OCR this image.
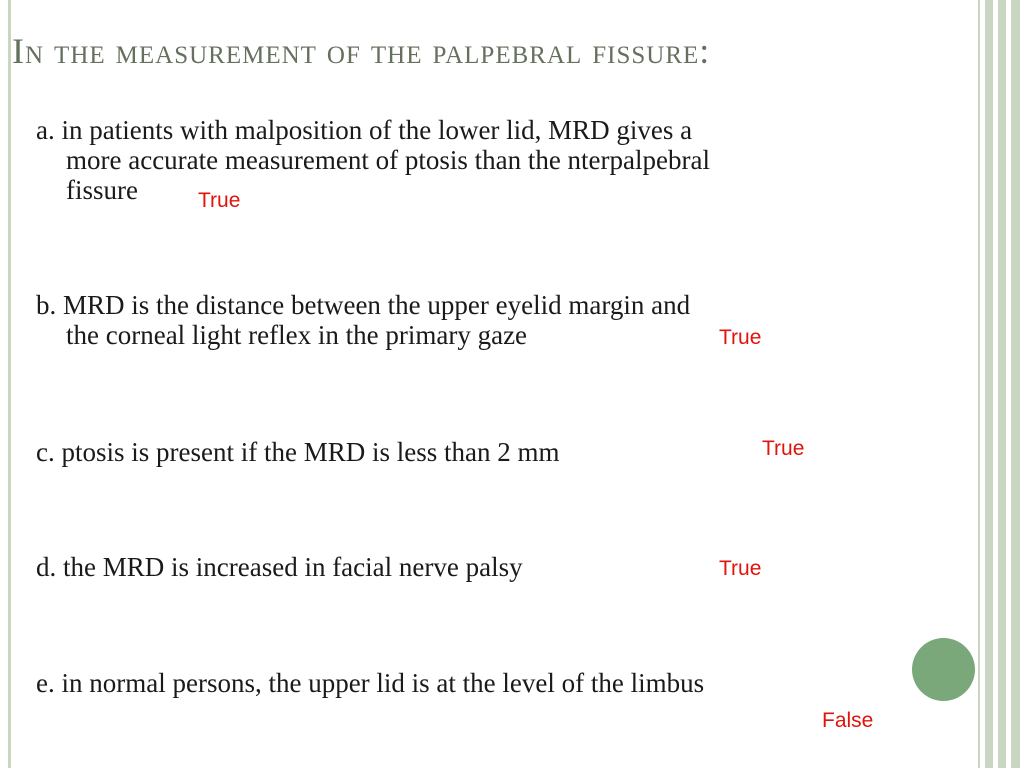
In the measurement of the palpebral fissure:
a. in patients with malposition of the lower lid, MRD gives a
more accurate measurement of ptosis than the nterpalpebral
fissure	True
b. MRD is the distance between the upper eyelid margin and
the corneal light reflex in the primary gaze	True
c. ptosis is present if the MRD is less than 2 mm	True
d. the MRD is increased in facial nerve palsy	True
e. in normal persons, the upper lid is at the level of the limbus
False
